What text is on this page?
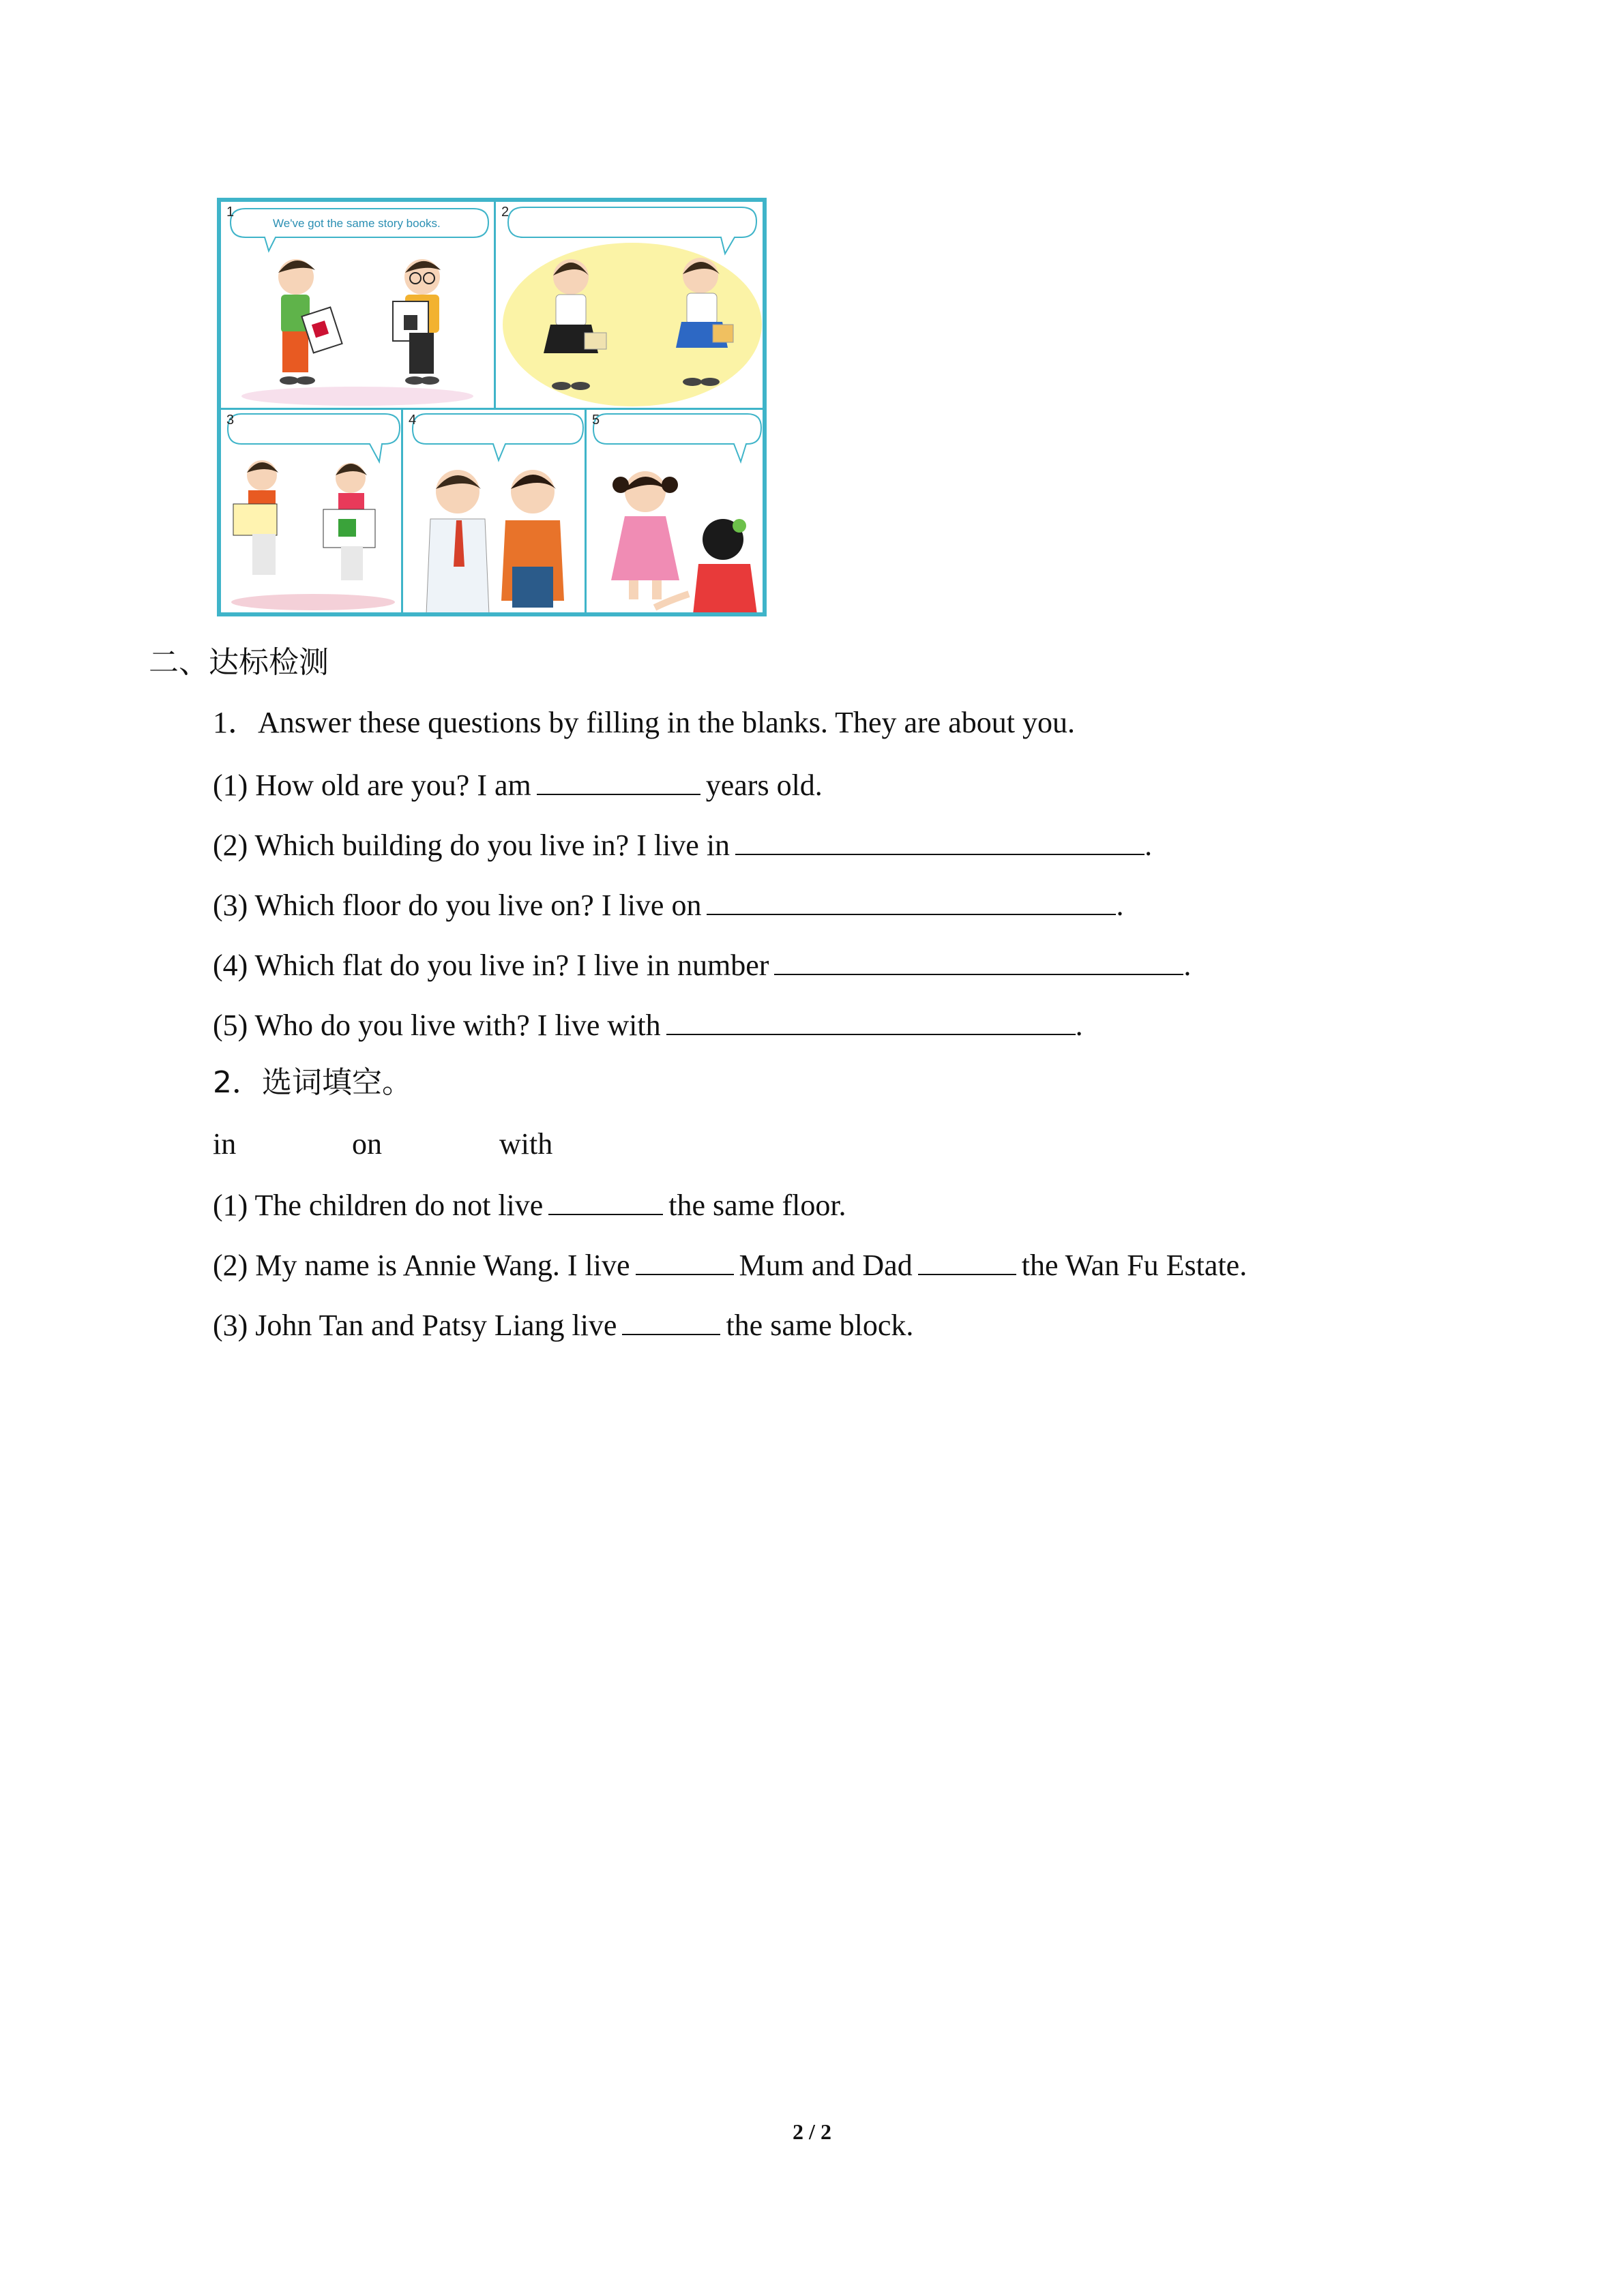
1
We've got the same story books.
2
3	4	5
二、达标检测
1．Answer these questions by filling in the blanks. They are about you.
(1) How old are you? I am	years old.
(2) Which building do you live in? I live in	.
(3) Which floor do you live on? I live on	.
(4) Which flat do you live in? I live in number	.
(5) Who do you live with? I live with	.
2．选词填空。
in	on	with
(1) The children do not live	the same floor.
(2) My name is Annie Wang. I live	Mum and Dad	the Wan Fu Estate.
(3) John Tan and Patsy Liang live	the same block.
2 / 2
